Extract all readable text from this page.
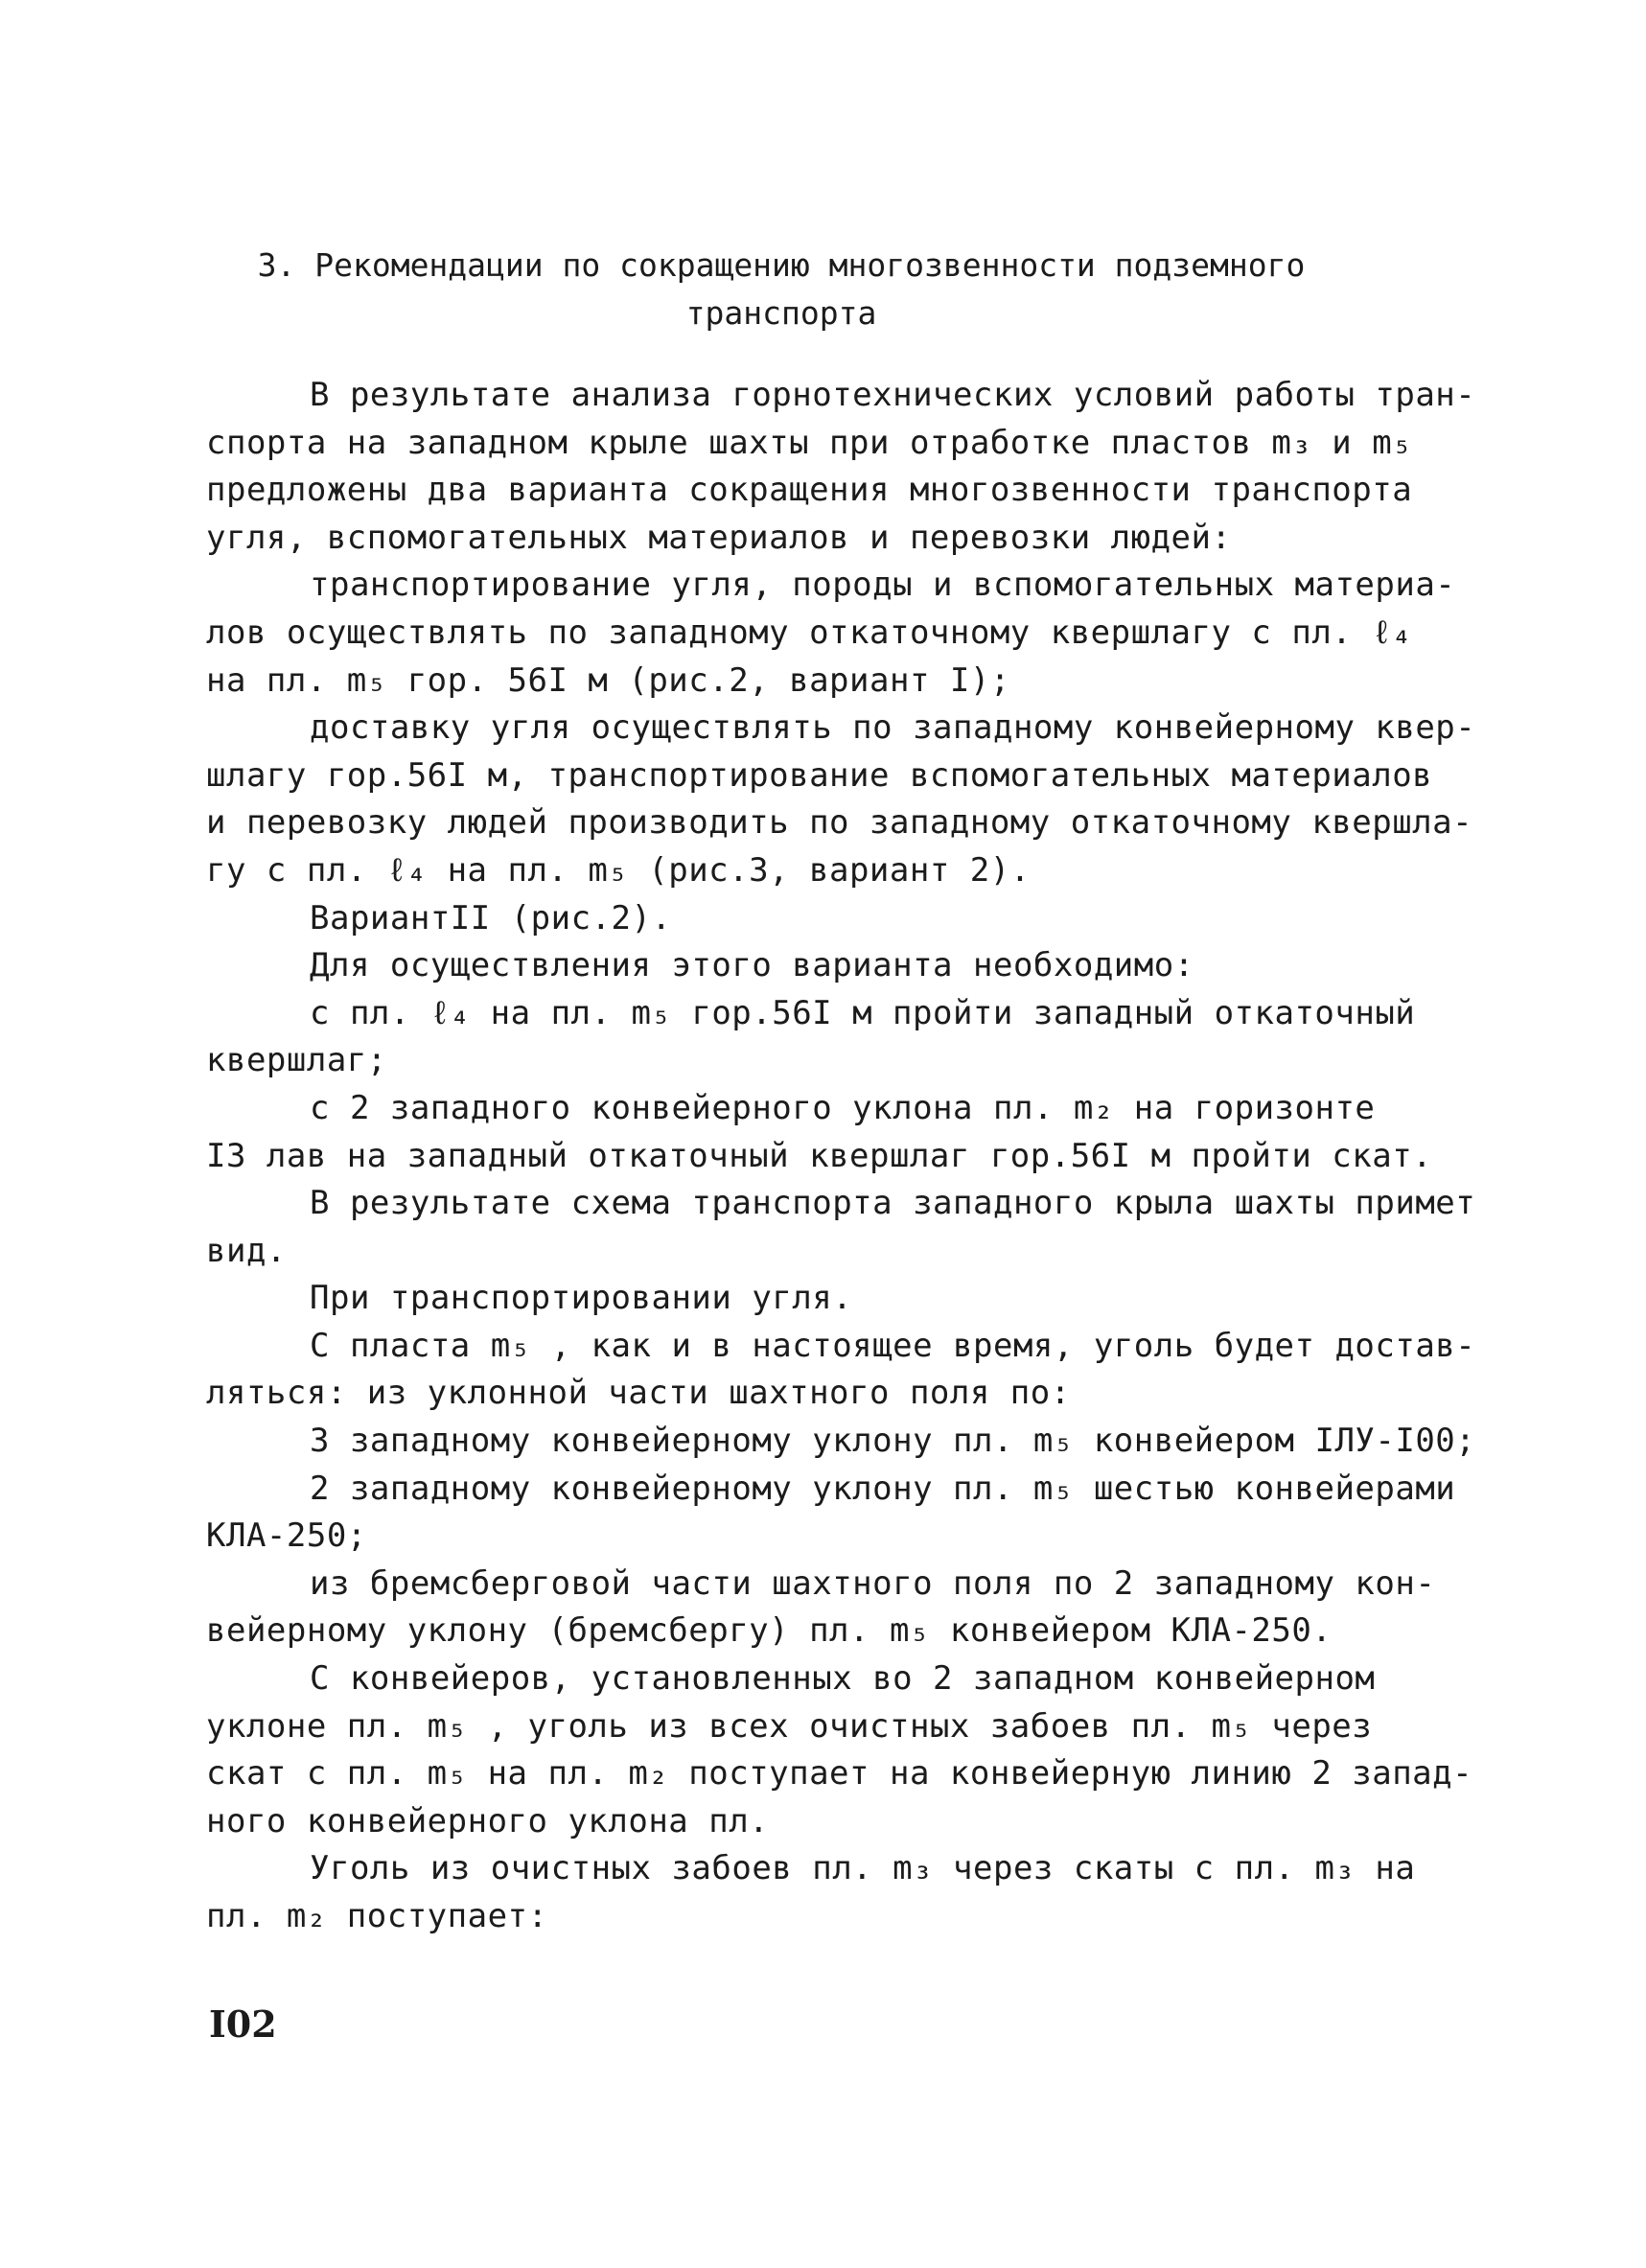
3. Рекомендации по сокращению многозвенности подземного
транспорта
В результате анализа горнотехнических условий работы тран-
спорта на западном крыле шахты при отработке пластов m₃ и m₅
предложены два варианта сокращения многозвенности транспорта
угля, вспомогательных материалов и перевозки людей:
транспортирование угля, породы и вспомогательных материа-
лов осуществлять по западному откаточному квершлагу с пл. ℓ₄
на пл. m₅ гор. 56I м (рис.2, вариант I);
доставку угля осуществлять по западному конвейерному квер-
шлагу гор.56I м, транспортирование вспомогательных материалов
и перевозку людей производить по западному откаточному квершла-
гу с пл. ℓ₄ на пл. m₅ (рис.3, вариант 2).
ВариантII (рис.2).
Для осуществления этого варианта необходимо:
с пл. ℓ₄ на пл. m₅ гор.56I м пройти западный откаточный
квершлаг;
с 2 западного конвейерного уклона пл. m₂ на горизонте
I3 лав на западный откаточный квершлаг гор.56I м пройти скат.
В результате схема транспорта западного крыла шахты примет
вид.
При транспортировании угля.
С пласта m₅ , как и в настоящее время, уголь будет достав-
ляться: из уклонной части шахтного поля по:
3 западному конвейерному уклону пл. m₅ конвейером IЛУ-I00;
2 западному конвейерному уклону пл. m₅ шестью конвейерами
КЛА-250;
из бремсберговой части шахтного поля по 2 западному кон-
вейерному уклону (бремсбергу) пл. m₅ конвейером КЛА-250.
С конвейеров, установленных во 2 западном конвейерном
уклоне пл. m₅ , уголь из всех очистных забоев пл. m₅ через
скат с пл. m₅ на пл. m₂ поступает на конвейерную линию 2 запад-
ного конвейерного уклона пл.
Уголь из очистных забоев пл. m₃ через скаты с пл. m₃ на
пл. m₂ поступает:
I02
